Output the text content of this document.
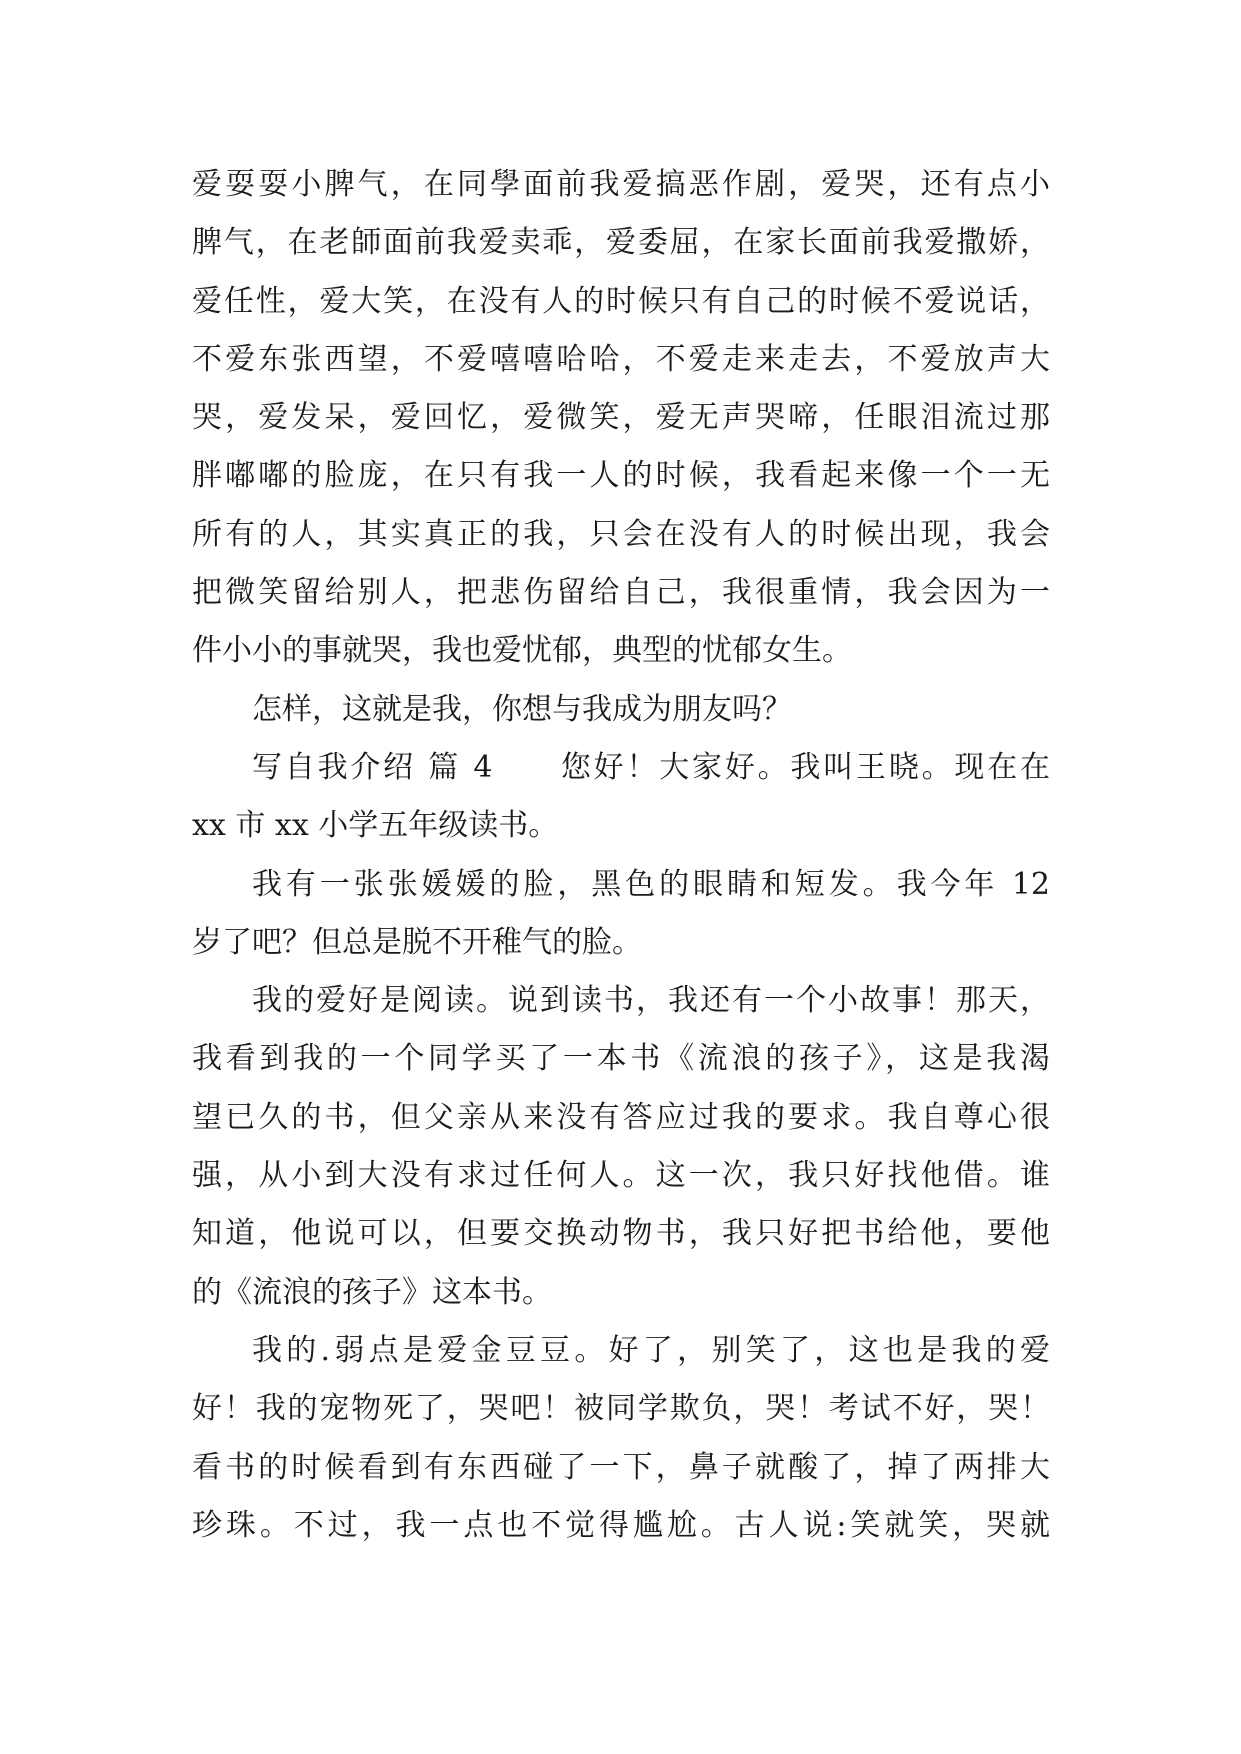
爱耍耍小脾气，在同學面前我爱搞恶作剧，爱哭，还有点小
脾气，在老師面前我爱卖乖，爱委屈，在家长面前我爱撒娇，
爱任性，爱大笑，在没有人的时候只有自己的时候不爱说话，
不爱东张西望，不爱嘻嘻哈哈，不爱走来走去，不爱放声大
哭，爱发呆，爱回忆，爱微笑，爱无声哭啼，任眼泪流过那
胖嘟嘟的脸庞，在只有我一人的时候，我看起来像一个一无
所有的人，其实真正的我，只会在没有人的时候出现，我会
把微笑留给别人，把悲伤留给自己，我很重情，我会因为一
件小小的事就哭，我也爱忧郁，典型的忧郁女生。
怎样，这就是我，你想与我成为朋友吗？
写自我介绍 篇 4　　您好！大家好。我叫王晓。现在在
xx 市 xx 小学五年级读书。
我有一张张媛媛的脸，黑色的眼睛和短发。我今年 12
岁了吧？但总是脱不开稚气的脸。
我的爱好是阅读。说到读书，我还有一个小故事！那天，
我看到我的一个同学买了一本书《流浪的孩子》，这是我渴
望已久的书，但父亲从来没有答应过我的要求。我自尊心很
强，从小到大没有求过任何人。这一次，我只好找他借。谁
知道，他说可以，但要交换动物书，我只好把书给他，要他
的《流浪的孩子》这本书。
我的.弱点是爱金豆豆。好了，别笑了，这也是我的爱
好！我的宠物死了，哭吧！被同学欺负，哭！考试不好，哭！
看书的时候看到有东西碰了一下，鼻子就酸了，掉了两排大
珍珠。不过，我一点也不觉得尴尬。古人说:笑就笑，哭就
